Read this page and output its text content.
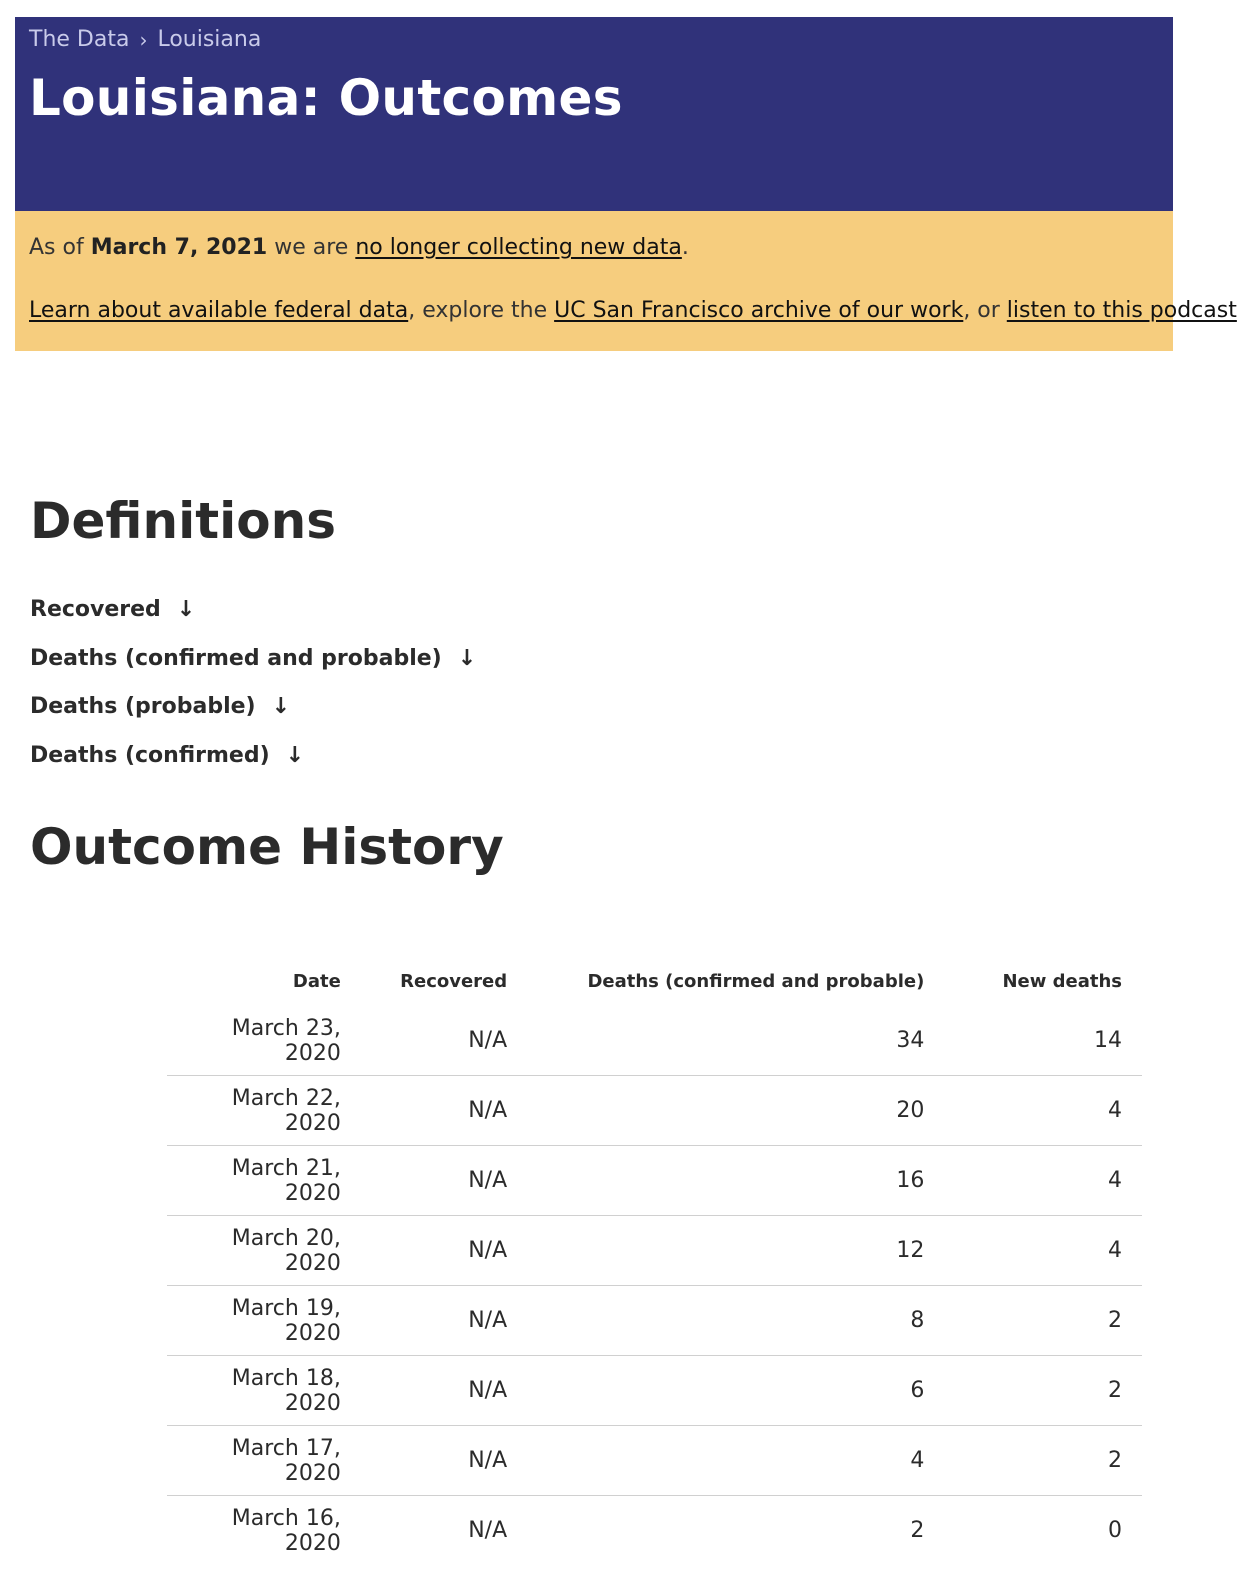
The Data › Louisiana
Louisiana: Outcomes

As of March 7, 2021 we are no longer collecting new data.

Learn about available federal data, explore the UC San Francisco archive of our work, or listen to this podcast

Definitions
Recovered ↓
Deaths (confirmed and probable) ↓
Deaths (probable) ↓
Deaths (confirmed) ↓
Outcome History
Date	Recovered	Deaths (confirmed and probable)	New deaths
March 23, 2020	N/A	34	14
March 22, 2020	N/A	20	4
March 21, 2020	N/A	16	4
March 20, 2020	N/A	12	4
March 19, 2020	N/A	8	2
March 18, 2020	N/A	6	2
March 17, 2020	N/A	4	2
March 16, 2020	N/A	2	0
